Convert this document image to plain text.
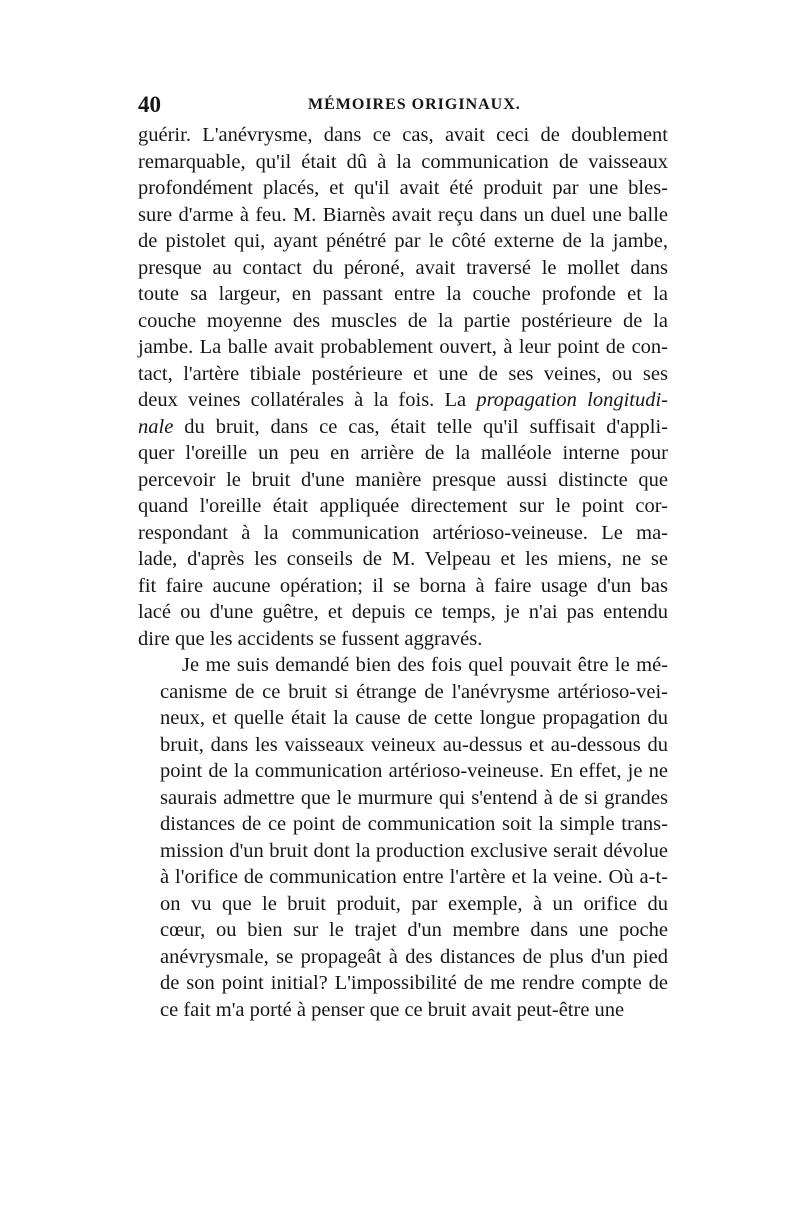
40	MÉMOIRES ORIGINAUX.
guérir. L'anévrysme, dans ce cas, avait ceci de doublement
remarquable, qu'il était dû à la communication de vaisseaux
profondément placés, et qu'il avait été produit par une bles-
sure d'arme à feu. M. Biarnès avait reçu dans un duel une balle
de pistolet qui, ayant pénétré par le côté externe de la jambe,
presque au contact du péroné, avait traversé le mollet dans
toute sa largeur, en passant entre la couche profonde et la
couche moyenne des muscles de la partie postérieure de la
jambe. La balle avait probablement ouvert, à leur point de con-
tact, l'artère tibiale postérieure et une de ses veines, ou ses
deux veines collatérales à la fois. La propagation longitudi-
nale du bruit, dans ce cas, était telle qu'il suffisait d'appli-
quer l'oreille un peu en arrière de la malléole interne pour
percevoir le bruit d'une manière presque aussi distincte que
quand l'oreille était appliquée directement sur le point cor-
respondant à la communication artérioso-veineuse. Le ma-
lade, d'après les conseils de M. Velpeau et les miens, ne se
fit faire aucune opération; il se borna à faire usage d'un bas
lacé ou d'une guêtre, et depuis ce temps, je n'ai pas entendu
dire que les accidents se fussent aggravés.
Je me suis demandé bien des fois quel pouvait être le mé-
canisme de ce bruit si étrange de l'anévrysme artérioso-vei-
neux, et quelle était la cause de cette longue propagation du
bruit, dans les vaisseaux veineux au-dessus et au-dessous du
point de la communication artérioso-veineuse. En effet, je ne
saurais admettre que le murmure qui s'entend à de si grandes
distances de ce point de communication soit la simple trans-
mission d'un bruit dont la production exclusive serait dévolue
à l'orifice de communication entre l'artère et la veine. Où a-t-
on vu que le bruit produit, par exemple, à un orifice du
cœur, ou bien sur le trajet d'un membre dans une poche
anévrysmale, se propageât à des distances de plus d'un pied
de son point initial? L'impossibilité de me rendre compte de
ce fait m'a porté à penser que ce bruit avait peut-être une
